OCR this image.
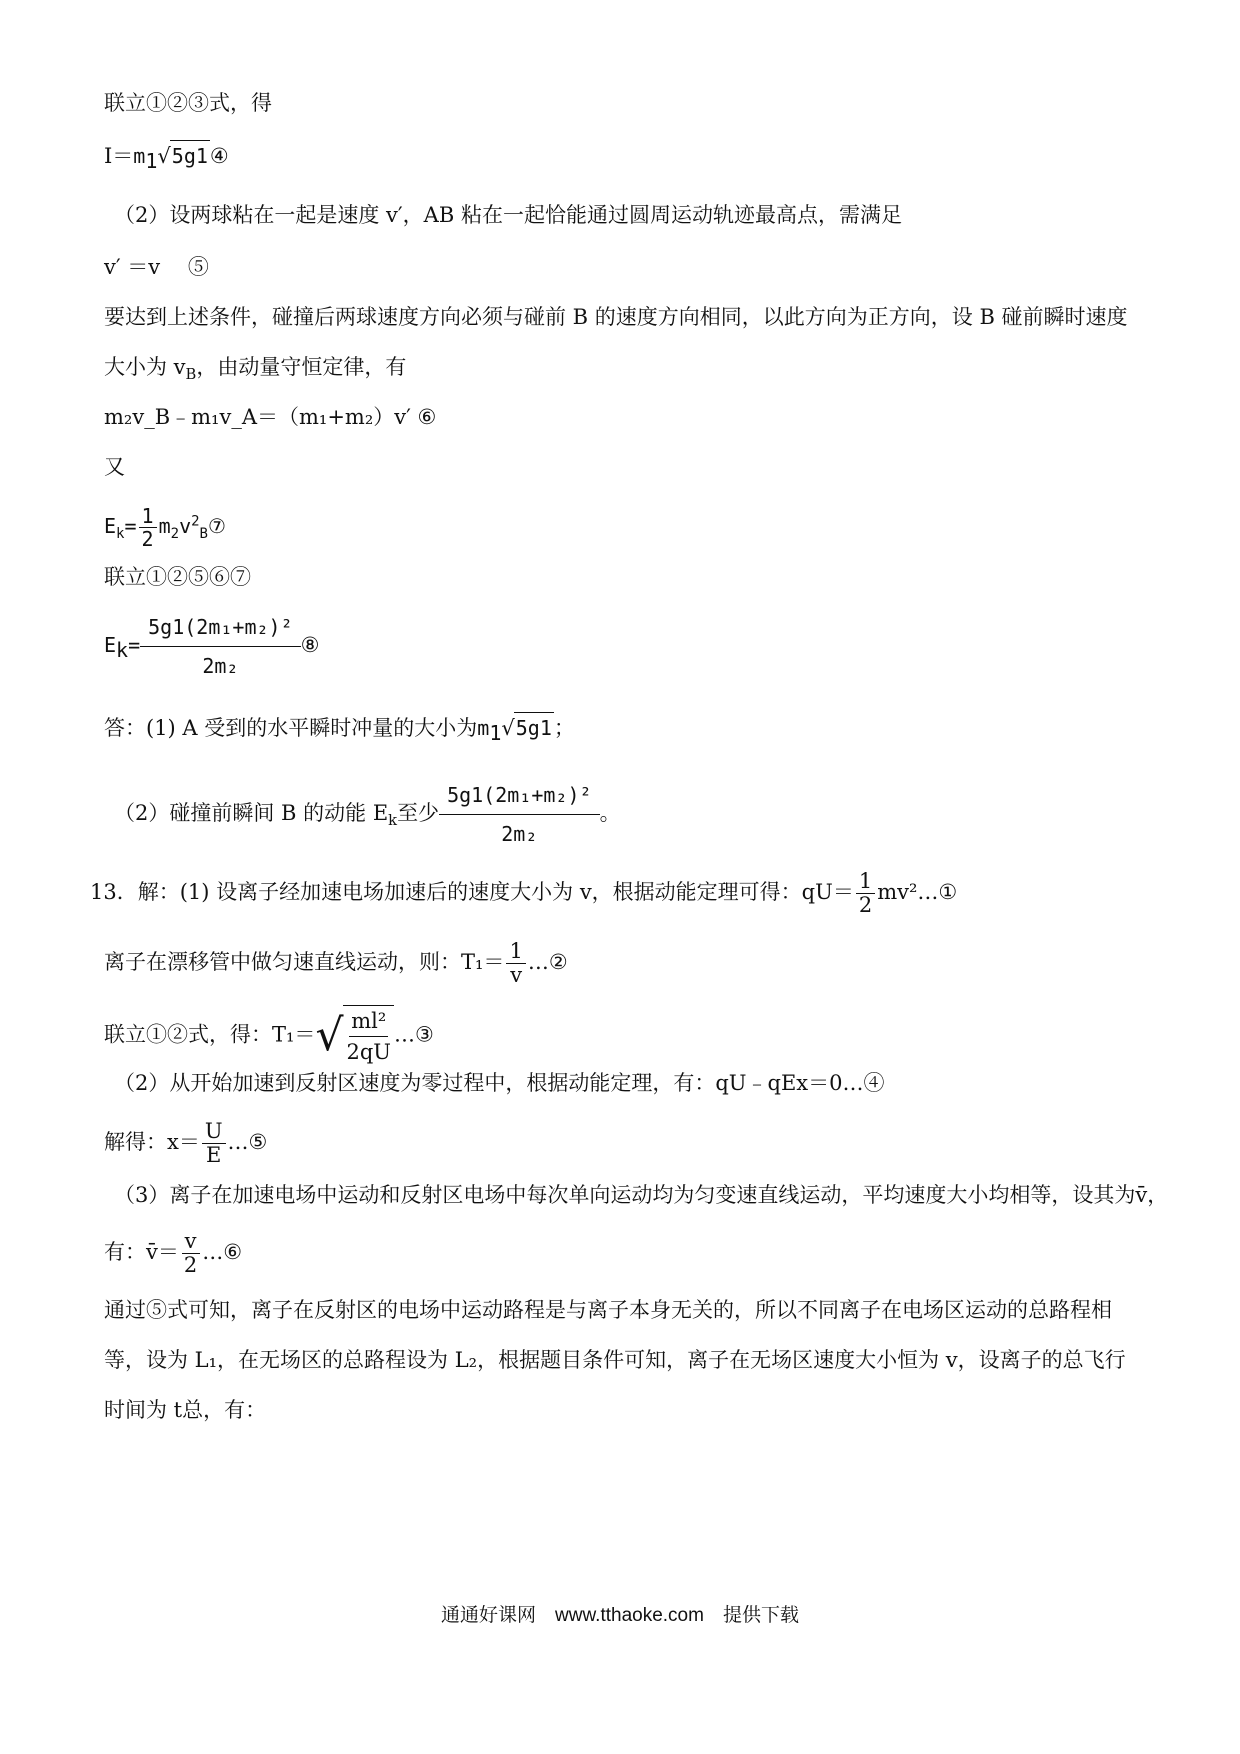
联立①②③式，得
$I=m_1√5g1④$
（2）设两球粘在一起是速度 v′，AB 粘在一起恰能通过圆周运动轨迹最高点，需满足
v′ ＝v　 ⑤
要达到上述条件，碰撞后两球速度方向必须与碰前 B 的速度方向相同，以此方向为正方向，设 B 碰前瞬时速度
大小为 $v_B$，由动量守恒定律，有
m₂v_B﹣m₁v_A＝（m₁+m₂）v′ ⑥
又
$E_k= \frac{1}{2}$ $m_2v^2_B⑦$
联立①②⑤⑥⑦
$E_k= \frac{\text{5g1(2m₁+m₂)²}}{\text{2m₂}}$ ⑧
答：(1) A 受到的水平瞬时冲量的大小为$m_1√5g1$；
（2）碰撞前瞬间 B 的动能 $E_k$至少 $\frac{\text{5g1(2m₁+m₂)²}}{\text{2m₂}}$ 。
13．解：(1) 设离子经加速电场加速后的速度大小为 v，根据动能定理可得：$qU= \frac{1}{2}$ mv²…①
离子在漂移管中做匀速直线运动，则：$T_1= \frac{1}{v}$ …②
联立①②式，得：T₁＝ √ $\frac{\text{ml²}}{2qU}$ …③
（2）从开始加速到反射区速度为零过程中，根据动能定理，有：qU﹣qEx＝0…④
解得：$x= \frac{U}{E}$ …⑤
（3）离子在加速电场中运动和反射区电场中每次单向运动均为匀变速直线运动，平均速度大小均相等，设其为v̄，
有：v̄＝ $\frac{v}{2}$ …⑥
通过⑤式可知，离子在反射区的电场中运动路程是与离子本身无关的，所以不同离子在电场区运动的总路程相
等，设为 L₁，在无场区的总路程设为 L₂，根据题目条件可知，离子在无场区速度大小恒为 v，设离子的总飞行
时间为 t总，有：
通通好课网　www.tthaoke.com　提供下载
